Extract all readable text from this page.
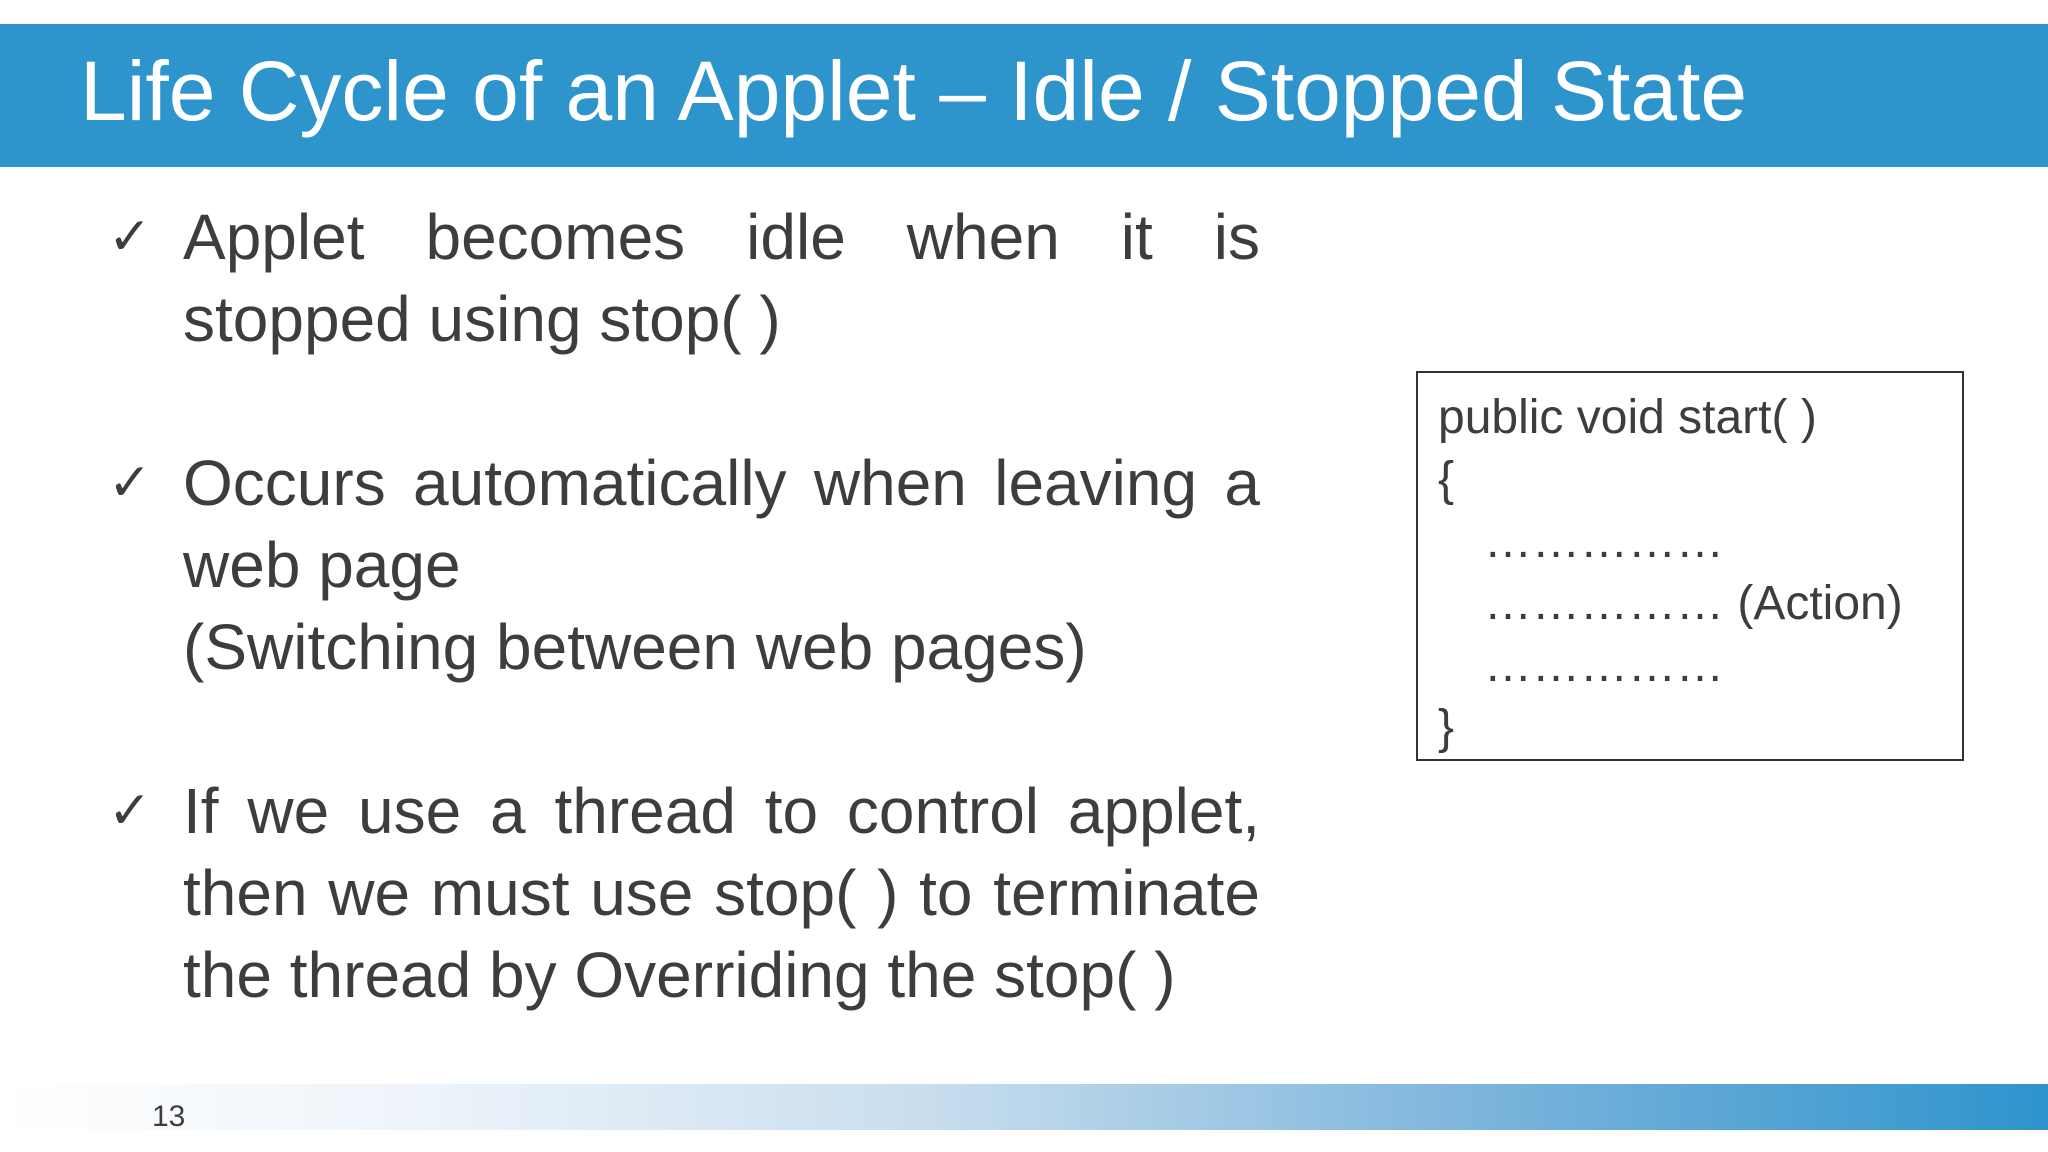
Life Cycle of an Applet – Idle / Stopped State
✓ Applet becomes idle when it is stopped using stop( )
✓ Occurs automatically when leaving a web page
(Switching between web pages)
✓ If we use a thread to control applet, then we must use stop( ) to terminate the thread by Overriding the stop( )
public void start( )
{
……………
…………… (Action)
……………
}
13
